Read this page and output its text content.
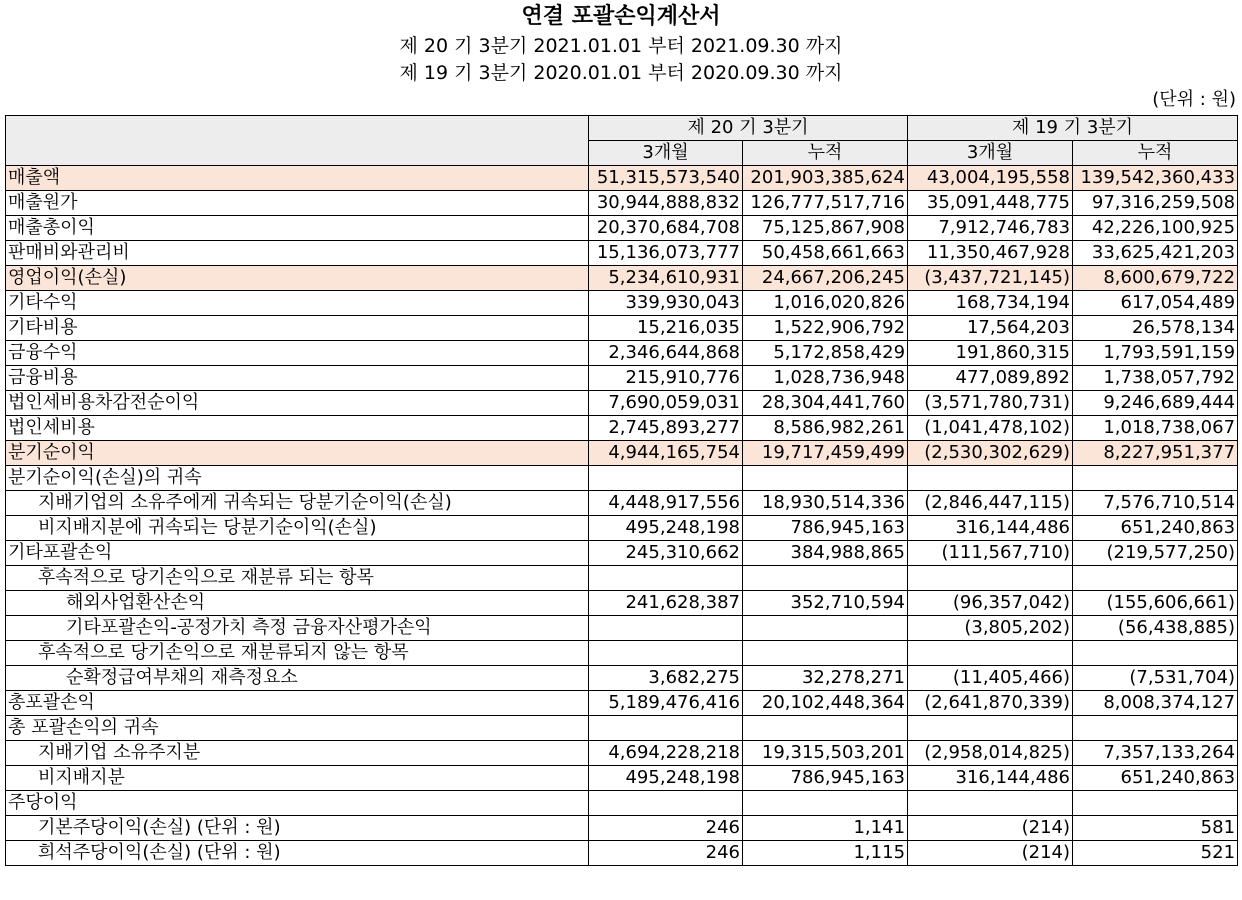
연결 포괄손익계산서
제 20 기 3분기 2021.01.01 부터 2021.09.30 까지
제 19 기 3분기 2020.01.01 부터 2020.09.30 까지
(단위 : 원)
	제 20 기 3분기		제 19 기 3분기	
	3개월	누적	3개월	누적
매출액	51,315,573,540	201,903,385,624	43,004,195,558	139,542,360,433
매출원가	30,944,888,832	126,777,517,716	35,091,448,775	97,316,259,508
매출총이익	20,370,684,708	75,125,867,908	7,912,746,783	42,226,100,925
판매비와관리비	15,136,073,777	50,458,661,663	11,350,467,928	33,625,421,203
영업이익(손실)	5,234,610,931	24,667,206,245	(3,437,721,145)	8,600,679,722
기타수익	339,930,043	1,016,020,826	168,734,194	617,054,489
기타비용	15,216,035	1,522,906,792	17,564,203	26,578,134
금융수익	2,346,644,868	5,172,858,429	191,860,315	1,793,591,159
금융비용	215,910,776	1,028,736,948	477,089,892	1,738,057,792
법인세비용차감전순이익	7,690,059,031	28,304,441,760	(3,571,780,731)	9,246,689,444
법인세비용	2,745,893,277	8,586,982,261	(1,041,478,102)	1,018,738,067
분기순이익	4,944,165,754	19,717,459,499	(2,530,302,629)	8,227,951,377
분기순이익(손실)의 귀속				
지배기업의 소유주에게 귀속되는 당분기순이익(손실)	4,448,917,556	18,930,514,336	(2,846,447,115)	7,576,710,514
비지배지분에 귀속되는 당분기순이익(손실)	495,248,198	786,945,163	316,144,486	651,240,863
기타포괄손익	245,310,662	384,988,865	(111,567,710)	(219,577,250)
후속적으로 당기손익으로 재분류 되는 항목				
해외사업환산손익	241,628,387	352,710,594	(96,357,042)	(155,606,661)
기타포괄손익-공정가치 측정 금융자산평가손익			(3,805,202)	(56,438,885)
후속적으로 당기손익으로 재분류되지 않는 항목				
순확정급여부채의 재측정요소	3,682,275	32,278,271	(11,405,466)	(7,531,704)
총포괄손익	5,189,476,416	20,102,448,364	(2,641,870,339)	8,008,374,127
총 포괄손익의 귀속				
지배기업 소유주지분	4,694,228,218	19,315,503,201	(2,958,014,825)	7,357,133,264
비지배지분	495,248,198	786,945,163	316,144,486	651,240,863
주당이익				
기본주당이익(손실) (단위 : 원)	246	1,141	(214)	581
희석주당이익(손실) (단위 : 원)	246	1,115	(214)	521
